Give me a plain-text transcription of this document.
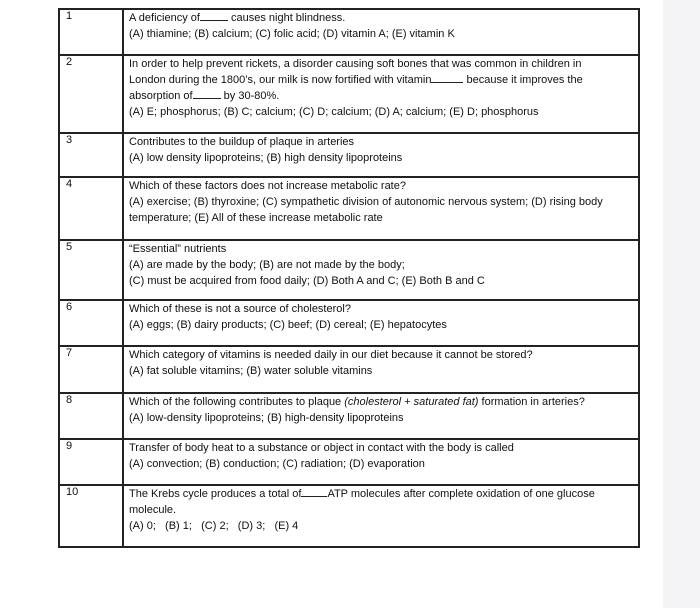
1	A deficiency of	causes night blindness.

(A) thiamine; (B) calcium; (C) folic acid; (D) vitamin A; (E) vitamin K

2	In order to help prevent rickets, a disorder causing soft bones that was common in children in

London during the 1800’s, our milk is now fortified with vitamin	because it improves the

absorption of	by 30-80%.

(A) E; phosphorus; (B) C; calcium; (C) D; calcium; (D) A; calcium; (E) D; phosphorus

3	Contributes to the buildup of plaque in arteries

(A) low density lipoproteins; (B) high density lipoproteins

4	Which of these factors does not increase metabolic rate?

(A) exercise; (B) thyroxine; (C) sympathetic division of autonomic nervous system; (D) rising body

temperature; (E) All of these increase metabolic rate

5	“Essential” nutrients

(A) are made by the body; (B) are not made by the body;

(C) must be acquired from food daily; (D) Both A and C; (E) Both B and C

6	Which of these is not a source of cholesterol?

(A) eggs; (B) dairy products; (C) beef; (D) cereal; (E) hepatocytes

7	Which category of vitamins is needed daily in our diet because it cannot be stored?

(A) fat soluble vitamins; (B) water soluble vitamins

8	Which of the following contributes to plaque (cholesterol + saturated fat) formation in arteries?

(A) low-density lipoproteins; (B) high-density lipoproteins

9	Transfer of body heat to a substance or object in contact with the body is called

(A) convection; (B) conduction; (C) radiation; (D) evaporation

10	The Krebs cycle produces a total of ATP molecules after complete oxidation of one glucose

molecule.

(A) 0;   (B) 1;   (C) 2;   (D) 3;   (E) 4
